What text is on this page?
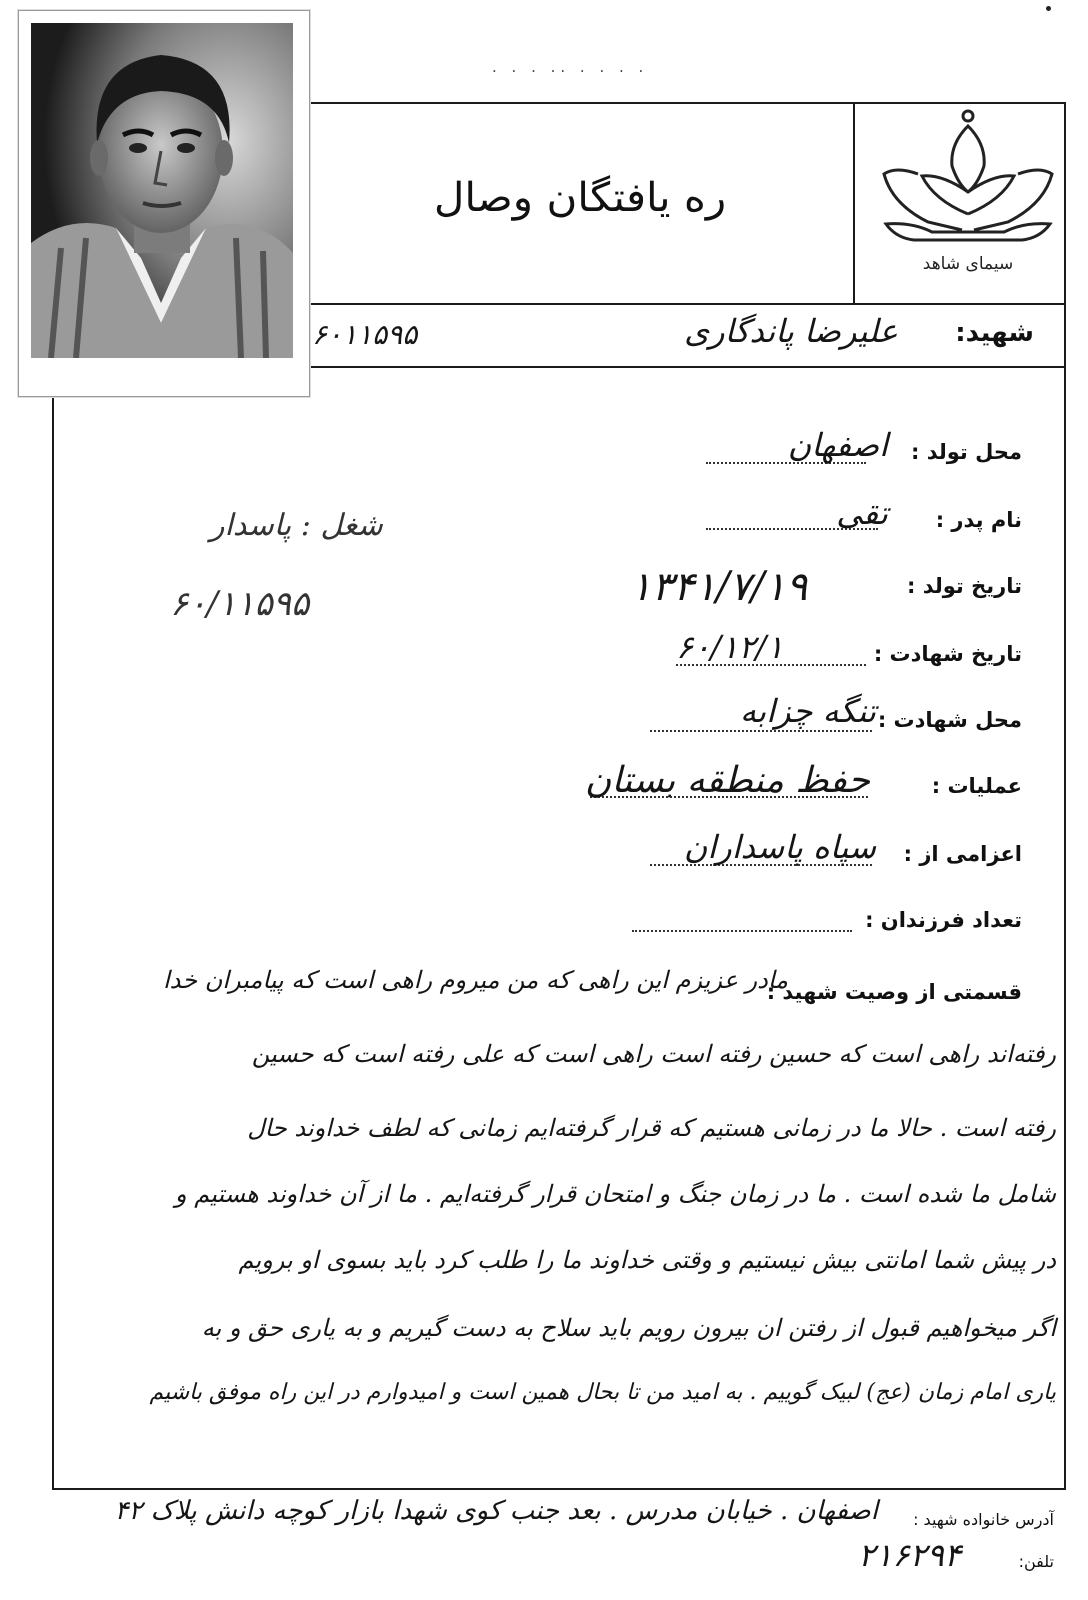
. . . .. . . . .
ره یافتگان وصال
سیمای شاهد
شهید:
علیرضا پاندگاری
۶۰۱۱۵۹۵
شغل : پاسدار
۶۰/۱۱۵۹۵
محل تولد :
اصفهان
نام پدر :
تقی
تاریخ تولد :
۱۳۴۱/۷/۱۹
تاریخ شهادت :
۶۰/۱۲/۱
محل شهادت :
تنگه چزابه
عملیات :
حفظ منطقه بستان
اعزامی از :
سپاه پاسداران
تعداد فرزندان :
قسمتی از وصیت شهید :
مادر عزیزم این راهی که من میروم راهی است که پیامبران خدا
رفته‌اند راهی است که حسین رفته است راهی است که علی رفته است که حسین
رفته است . حالا ما در زمانی هستیم که قرار گرفته‌ایم زمانی که لطف خداوند حال
شامل ما شده است . ما در زمان جنگ و امتحان قرار گرفته‌ایم . ما از آن خداوند هستیم و
در پیش شما امانتی بیش نیستیم و وقتی خداوند ما را طلب کرد باید بسوی او برویم
اگر میخواهیم قبول از رفتن ان بیرون رویم باید سلاح به دست گیریم و به یاری حق و به
یاری امام زمان (عج) لبیک گوییم . به امید من تا بحال همین است و امیدوارم در این راه موفق باشیم
آدرس خانواده شهید :
اصفهان . خیابان مدرس . بعد جنب کوی شهدا بازار کوچه دانش پلاک ۴۲
تلفن:
۲۱۶۲۹۴
